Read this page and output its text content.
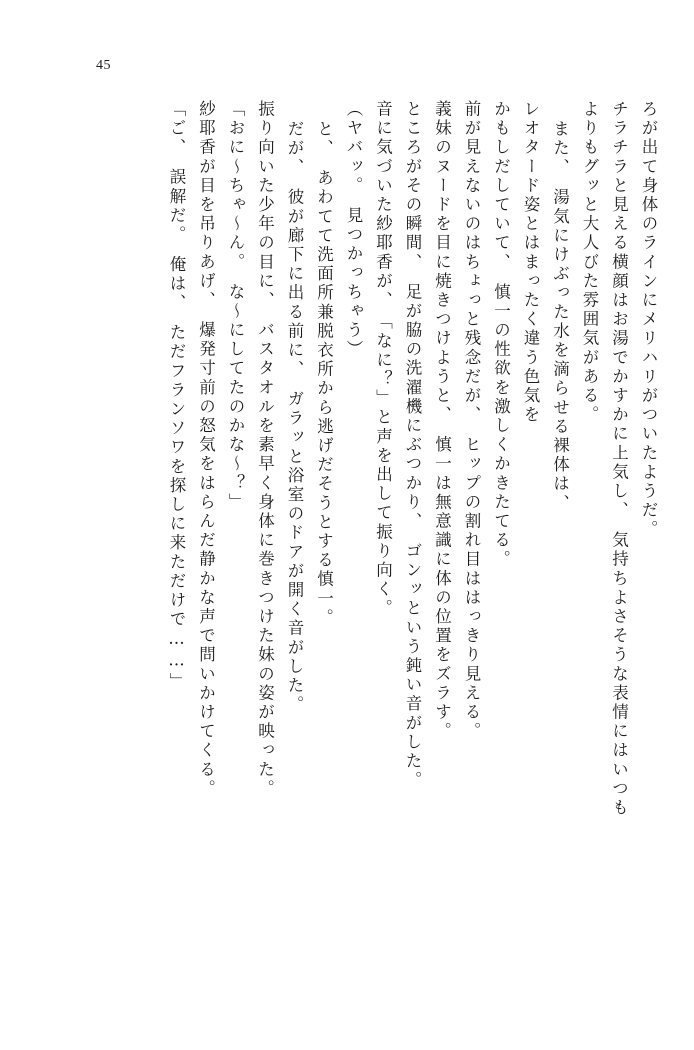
45
ろが出て身体のラインにメリハリがついたようだ。
チラチラと見える横顔はお湯でかすかに上気し、　気持ちよさそうな表情にはいつも
よりもグッと大人びた雰囲気がある。
また、　湯気にけぶった水を滴らせる裸体は、
レオタード姿とはまったく違う色気を
かもしだしていて、　慎一の性欲を激しくかきたてる。
前が見えないのはちょっと残念だが、　ヒップの割れ目ははっきり見える。
義妹のヌードを目に焼きつけようと、　慎一は無意識に体の位置をズラす。
ところがその瞬間、　足が脇の洗濯機にぶつかり、　ゴンッという鈍い音がした。
音に気づいた紗耶香が、　「なに？」と声を出して振り向く。
（ヤバッ。　見つかっちゃう）
と、　あわてて洗面所兼脱衣所から逃げだそうとする慎一。
だが、　彼が廊下に出る前に、　ガラッと浴室のドアが開く音がした。
振り向いた少年の目に、　バスタオルを素早く身体に巻きつけた妹の姿が映った。
「おに〜ちゃ〜ん。　な〜にしてたのかな〜？」
紗耶香が目を吊りあげ、　爆発寸前の怒気をはらんだ静かな声で問いかけてくる。
「ご、　誤解だ。　俺は、　ただフランソワを探しに来ただけで……」
